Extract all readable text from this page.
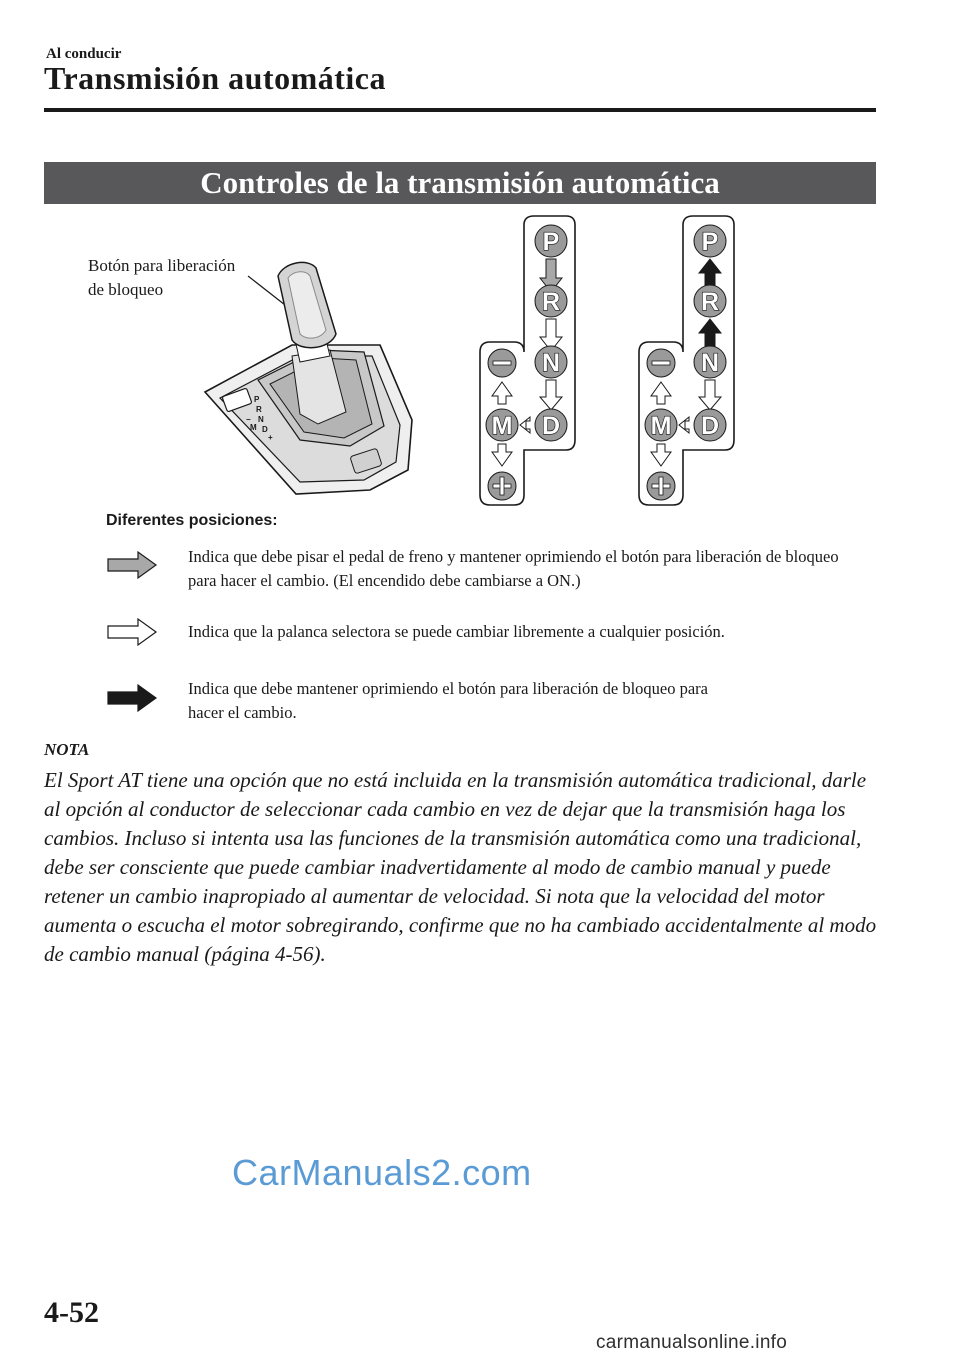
Al conducir
Transmisión automática
Controles de la transmisión automática
Botón para liberación
de bloqueo
P
R
N
D
M
+
−
P
R
N
D
M
P
R
N
D
M
Diferentes posiciones:
Indica que debe pisar el pedal de freno y mantener oprimiendo el botón para liberación de bloqueo para hacer el cambio. (El encendido debe cambiarse a ON.)
Indica que la palanca selectora se puede cambiar libremente a cualquier posición.
Indica que debe mantener oprimiendo el botón para liberación de bloqueo para hacer el cambio.
NOTA
El Sport AT tiene una opción que no está incluida en la transmisión automática tradicional, darle al opción al conductor de seleccionar cada cambio en vez de dejar que la transmisión haga los cambios. Incluso si intenta usa las funciones de la transmisión automática como una tradicional, debe ser consciente que puede cambiar inadvertidamente al modo de cambio manual y puede retener un cambio inapropiado al aumentar de velocidad. Si nota que la velocidad del motor aumenta o escucha el motor sobregirando, confirme que no ha cambiado accidentalmente al modo de cambio manual (página 4-56).
CarManuals2.com
4-52
carmanualsonline.info
